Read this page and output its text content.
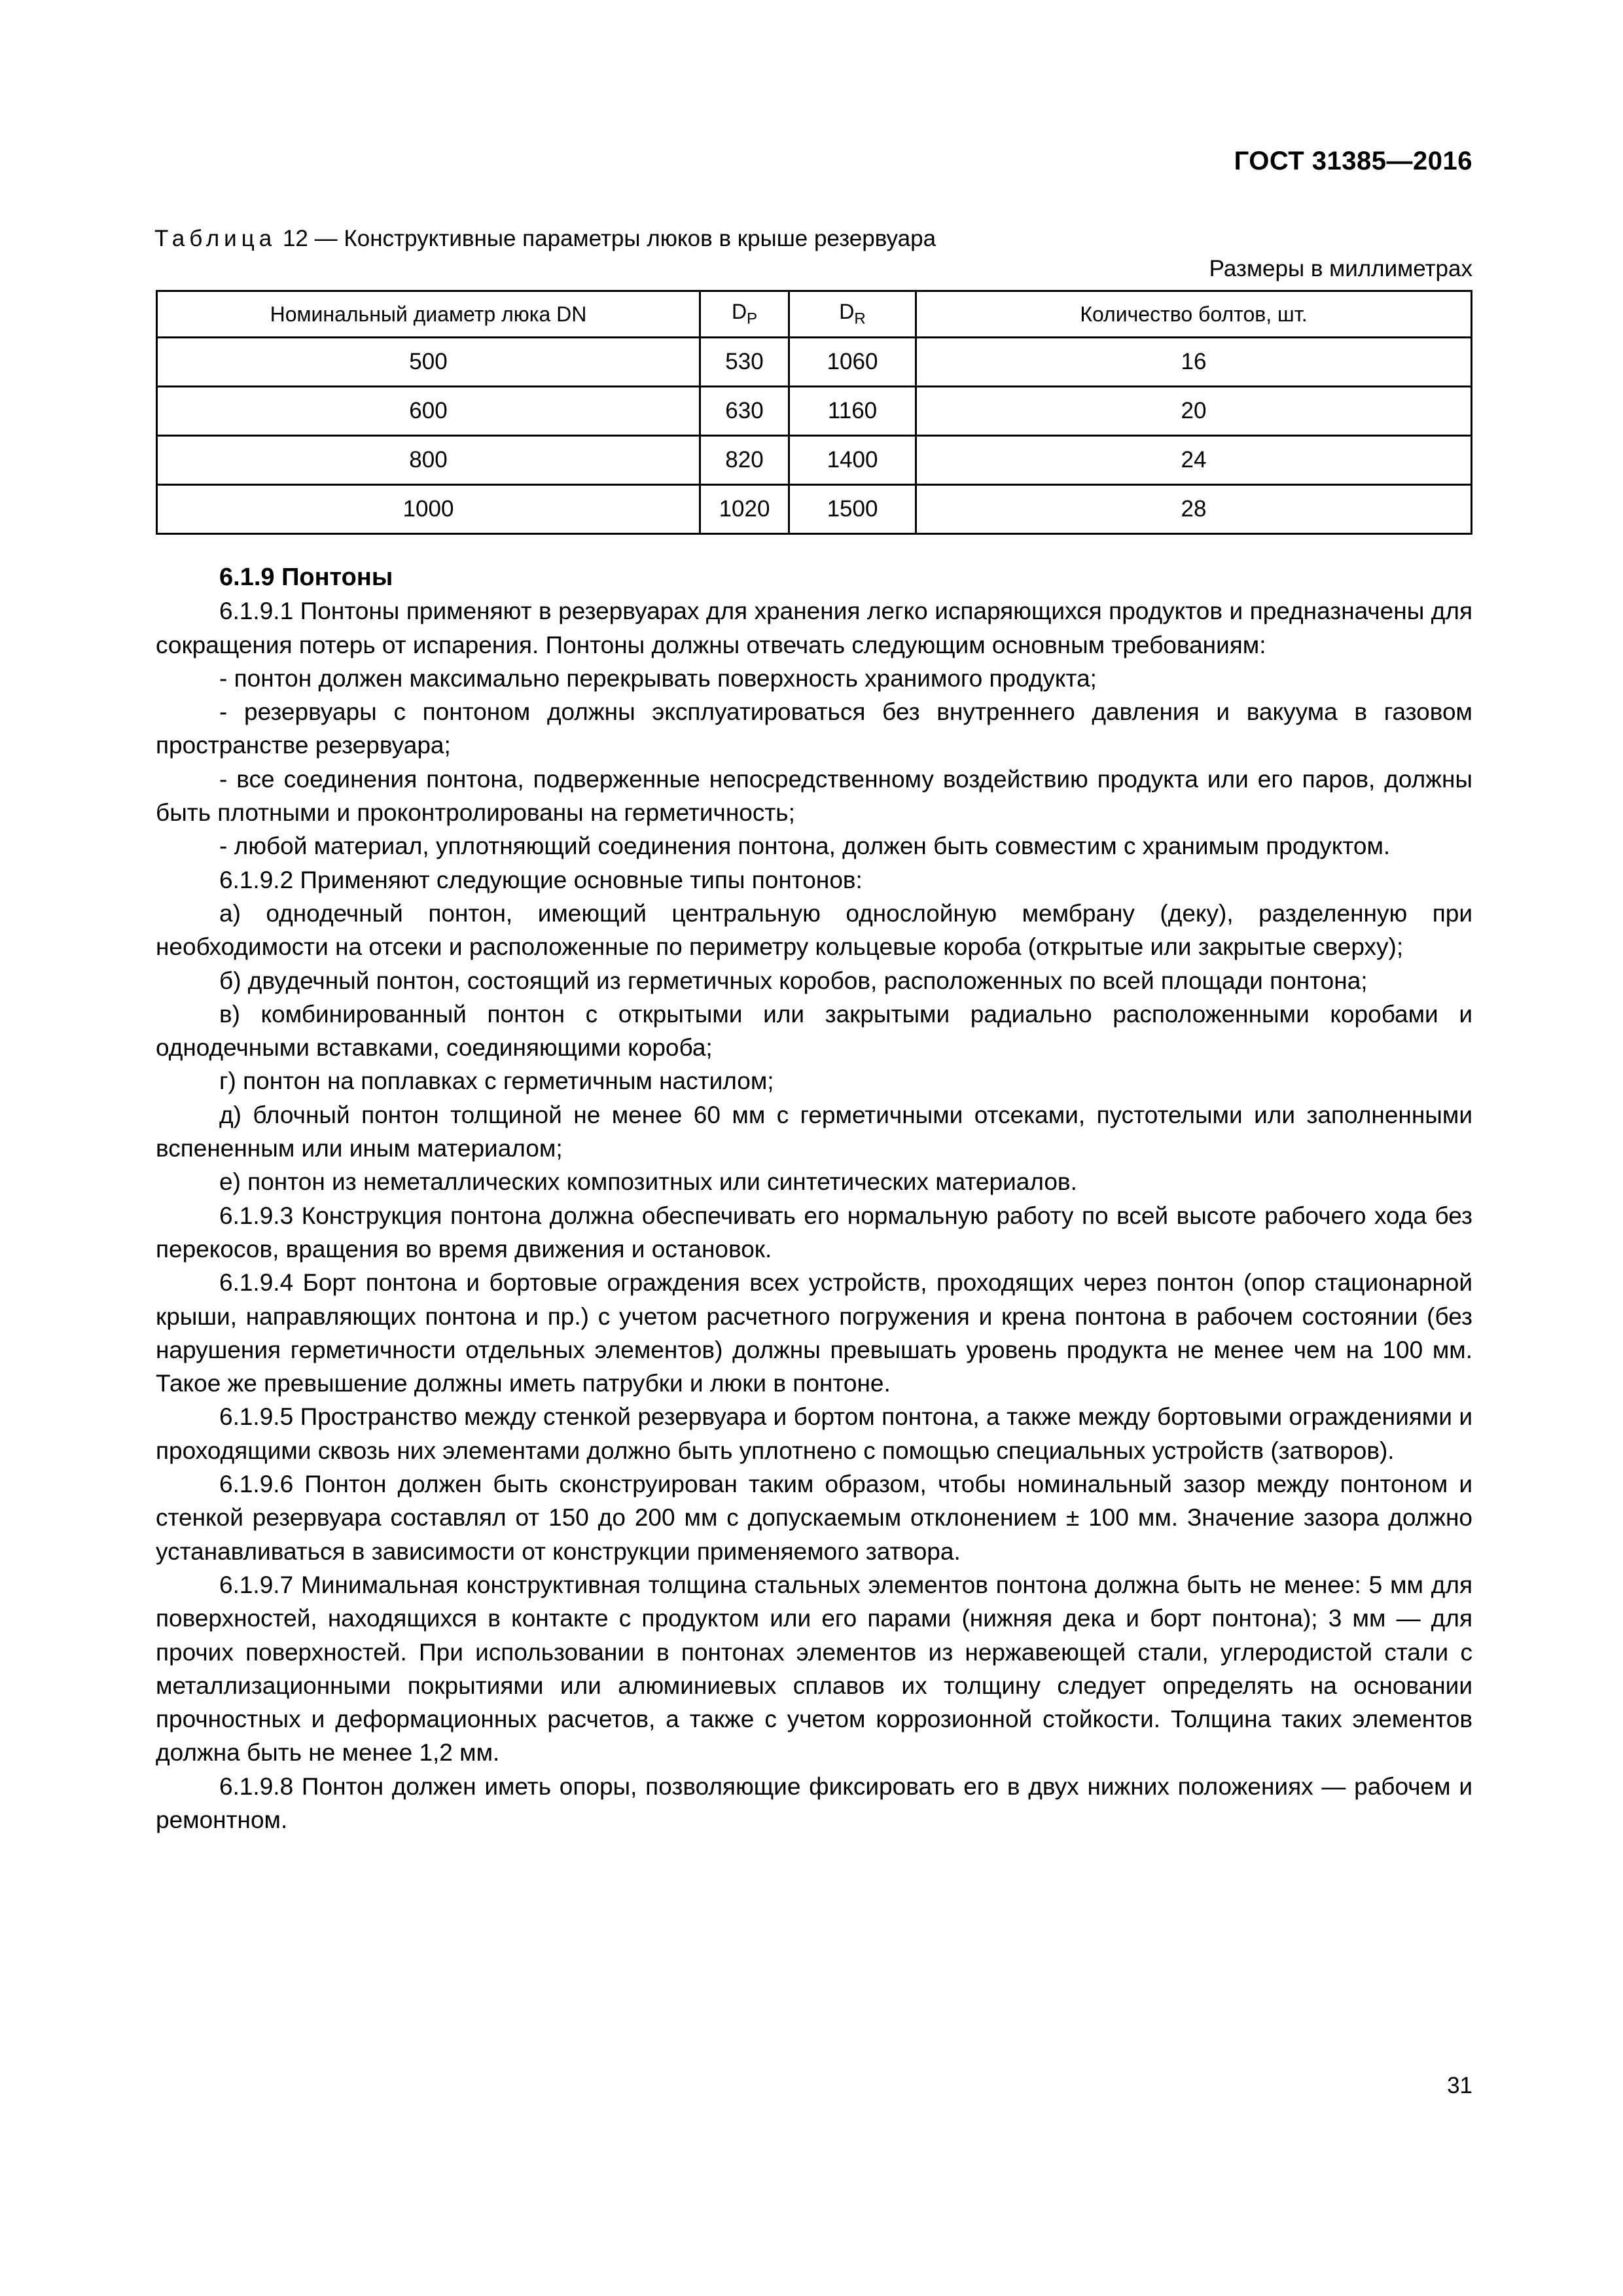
ГОСТ 31385—2016
Таблица 12 — Конструктивные параметры люков в крыше резервуара
Размеры в миллиметрах
Номинальный диаметр люка DN	$D_P$	$D_R$	Количество болтов, шт.
500	530	1060	16
600	630	1160	20
800	820	1400	24
1000	1020	1500	28

6.1.9 Понтоны

6.1.9.1 Понтоны применяют в резервуарах для хранения легко испаряющихся продуктов и предназначены для сокращения потерь от испарения. Понтоны должны отвечать следующим основным требованиям:

- понтон должен максимально перекрывать поверхность хранимого продукта;

- резервуары с понтоном должны эксплуатироваться без внутреннего давления и вакуума в газовом пространстве резервуара;

- все соединения понтона, подверженные непосредственному воздействию продукта или его паров, должны быть плотными и проконтролированы на герметичность;

- любой материал, уплотняющий соединения понтона, должен быть совместим с хранимым продуктом.

6.1.9.2 Применяют следующие основные типы понтонов:

а) однодечный понтон, имеющий центральную однослойную мембрану (деку), разделенную при необходимости на отсеки и расположенные по периметру кольцевые короба (открытые или закрытые сверху);

б) двудечный понтон, состоящий из герметичных коробов, расположенных по всей площади понтона;

в) комбинированный понтон с открытыми или закрытыми радиально расположенными коробами и однодечными вставками, соединяющими короба;

г) понтон на поплавках с герметичным настилом;

д) блочный понтон толщиной не менее 60 мм с герметичными отсеками, пустотелыми или заполненными вспененным или иным материалом;

е) понтон из неметаллических композитных или синтетических материалов.

6.1.9.3 Конструкция понтона должна обеспечивать его нормальную работу по всей высоте рабочего хода без перекосов, вращения во время движения и остановок.

6.1.9.4 Борт понтона и бортовые ограждения всех устройств, проходящих через понтон (опор стационарной крыши, направляющих понтона и пр.) с учетом расчетного погружения и крена понтона в рабочем состоянии (без нарушения герметичности отдельных элементов) должны превышать уровень продукта не менее чем на 100 мм. Такое же превышение должны иметь патрубки и люки в понтоне.

6.1.9.5 Пространство между стенкой резервуара и бортом понтона, а также между бортовыми ограждениями и проходящими сквозь них элементами должно быть уплотнено с помощью специальных устройств (затворов).

6.1.9.6 Понтон должен быть сконструирован таким образом, чтобы номинальный зазор между понтоном и стенкой резервуара составлял от 150 до 200 мм с допускаемым отклонением ± 100 мм. Значение зазора должно устанавливаться в зависимости от конструкции применяемого затвора.

6.1.9.7 Минимальная конструктивная толщина стальных элементов понтона должна быть не менее: 5 мм для поверхностей, находящихся в контакте с продуктом или его парами (нижняя дека и борт понтона); 3 мм — для прочих поверхностей. При использовании в понтонах элементов из нержавеющей стали, углеродистой стали с металлизационными покрытиями или алюминиевых сплавов их толщину следует определять на основании прочностных и деформационных расчетов, а также с учетом коррозионной стойкости. Толщина таких элементов должна быть не менее 1,2 мм.

6.1.9.8 Понтон должен иметь опоры, позволяющие фиксировать его в двух нижних положениях — рабочем и ремонтном.

31
